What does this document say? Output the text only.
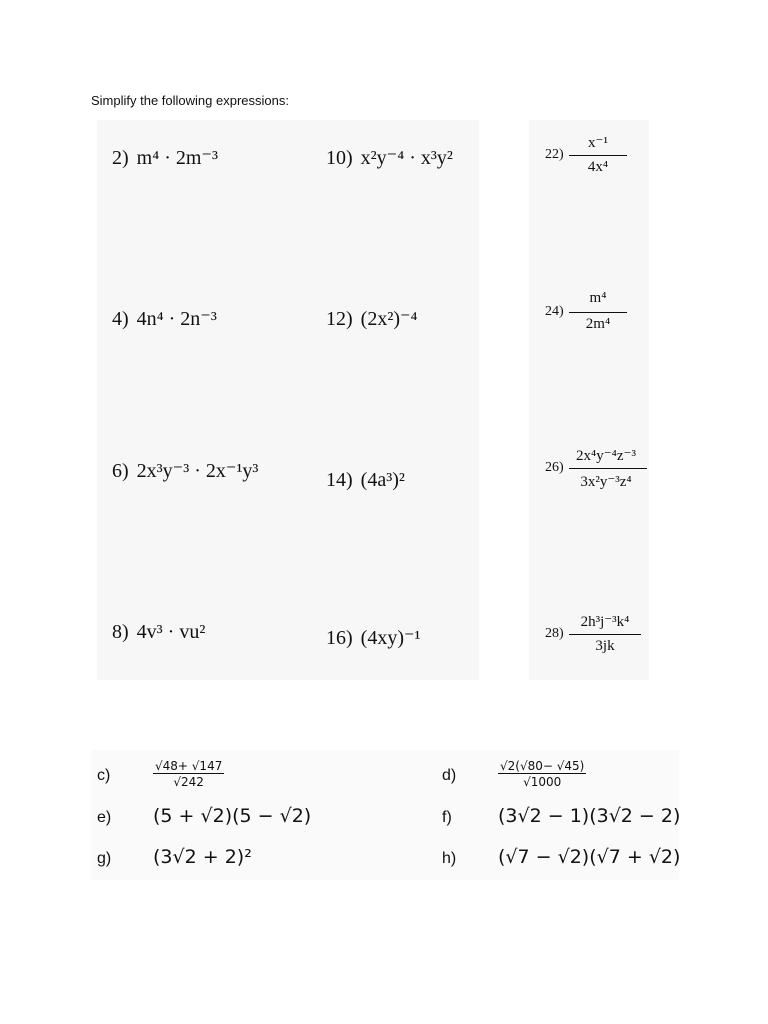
Simplify the following expressions:
2) m⁴ · 2m⁻³
4) 4n⁴ · 2n⁻³
6) 2x³y⁻³ · 2x⁻¹y³
8) 4v³ · vu²
10) x²y⁻⁴ · x³y²
12) (2x²)⁻⁴
14) (4a³)²
16) (4xy)⁻¹
22)
x⁻¹
4x⁴
24)
m⁴
2m⁴
26)
2x⁴y⁻⁴z⁻³
3x²y⁻³z⁴
28)
2h³j⁻³k⁴
3jk
c)	$\frac{√48+ √147}{√242}$	d)	$\frac{√2(√80- √45)}{√1000}$
e) (5 + √2)(5 − √2)	f) (3√2 − 1)(3√2 − 2)
g) (3√2 + 2)²	h) (√7 − √2)(√7 + √2)
